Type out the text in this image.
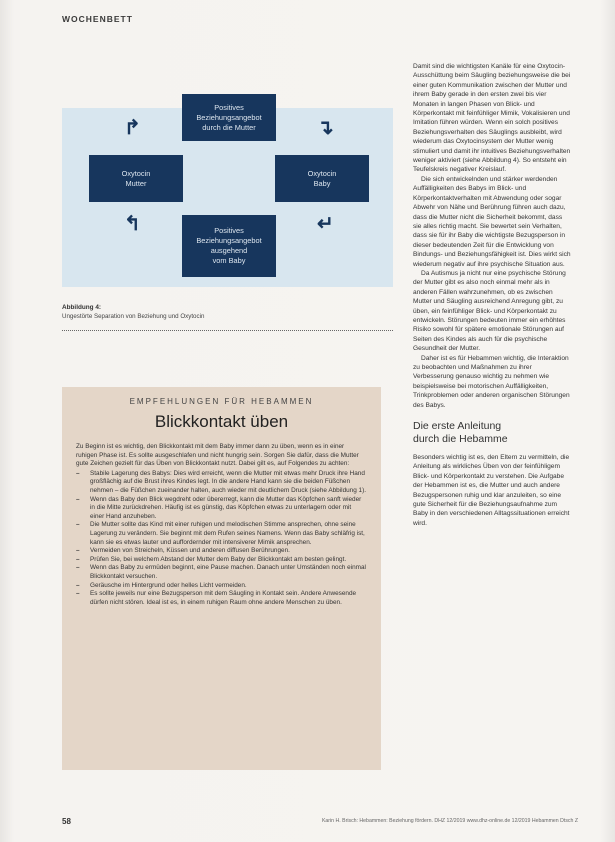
WOCHENBETT
Positives
Beziehungsangebot
durch die Mutter
Oxytocin
Mutter
Oxytocin
Baby
Positives
Beziehungsangebot
ausgehend
vom Baby
↱	↴
↰	↵
Abbildung 4:
Ungestörte Separation von Beziehung und Oxytocin
EMPFEHLUNGEN FÜR HEBAMMEN
Blickkontakt üben

Zu Beginn ist es wichtig, den Blickkontakt mit dem Baby immer dann zu üben, wenn es in einer ruhigen Phase ist. Es sollte ausgeschlafen und nicht hungrig sein. Sorgen Sie dafür, dass die Mutter gute Zeichen gezielt für das Üben von Blickkontakt nutzt. Dabei gilt es, auf Folgendes zu achten:

– Stabile Lagerung des Babys: Dies wird erreicht, wenn die Mutter mit etwas mehr Druck ihre Hand großflächig auf die Brust ihres Kindes legt. In die andere Hand kann sie die beiden Füßchen nehmen – die Füßchen zueinander halten, auch wieder mit deutlichem Druck (siehe Abbildung 1).
– Wenn das Baby den Blick wegdreht oder übererregt, kann die Mutter das Köpfchen sanft wieder in die Mitte zurückdrehen. Häufig ist es günstig, das Köpfchen etwas zu unterlagern oder mit einer Hand anzuheben.
– Die Mutter sollte das Kind mit einer ruhigen und melodischen Stimme ansprechen, ohne seine Lagerung zu verändern. Sie beginnt mit dem Rufen seines Namens. Wenn das Baby schläfrig ist, kann sie es etwas lauter und auffordernder mit intensiverer Mimik ansprechen.
– Vermeiden von Streicheln, Küssen und anderen diffusen Berührungen.
– Prüfen Sie, bei welchem Abstand der Mutter dem Baby der Blickkontakt am besten gelingt.
– Wenn das Baby zu ermüden beginnt, eine Pause machen. Danach unter Umständen noch einmal Blickkontakt versuchen.
– Geräusche im Hintergrund oder helles Licht vermeiden.
– Es sollte jeweils nur eine Bezugsperson mit dem Säugling in Kontakt sein. Andere Anwesende dürfen nicht stören. Ideal ist es, in einem ruhigen Raum ohne andere Menschen zu üben.

Damit sind die wichtigsten Kanäle für eine Oxytocin-Ausschüttung beim Säugling beziehungsweise die bei einer guten Kommunikation zwischen der Mutter und ihrem Baby gerade in den ersten zwei bis vier Monaten in langen Phasen von Blick- und Körperkontakt mit feinfühliger Mimik, Vokalisieren und Imitation führen würden. Wenn ein solch positives Beziehungsverhalten des Säuglings ausbleibt, wird wiederum das Oxytocinsystem der Mutter wenig stimuliert und damit ihr intuitives Beziehungsverhalten weniger aktiviert (siehe Abbildung 4). So entsteht ein Teufelskreis negativer Kreislauf.

Die sich entwickelnden und stärker werdenden Auffälligkeiten des Babys im Blick- und Körperkontaktverhalten mit Abwendung oder sogar Abwehr von Nähe und Berührung führen auch dazu, dass die Mutter nicht die Sicherheit bekommt, dass sie alles richtig macht. Sie bewertet sein Verhalten, dass sie für ihr Baby die wichtigste Bezugsperson in dieser bedeutenden Zeit für die Entwicklung von Bindungs- und Beziehungsfähigkeit ist. Dies wirkt sich wiederum negativ auf ihre psychische Situation aus.

Da Autismus ja nicht nur eine psychische Störung der Mutter gibt es also noch einmal mehr als in anderen Fällen wahrzunehmen, ob es zwischen Mutter und Säugling ausreichend Anregung gibt, zu üben, ein feinfühliger Blick- und Körperkontakt zu entwickeln. Störungen bedeuten immer ein erhöhtes Risiko sowohl für spätere emotionale Störungen auf Seiten des Kindes als auch für die psychische Gesundheit der Mutter.

Daher ist es für Hebammen wichtig, die Interaktion zu beobachten und Maßnahmen zu ihrer Verbesserung genauso wichtig zu nehmen wie beispielsweise bei motorischen Auffälligkeiten, Trinkproblemen oder anderen organischen Störungen des Babys.

Die erste Anleitung
durch die Hebamme

Besonders wichtig ist es, den Eltern zu vermitteln, die Anleitung als wirkliches Üben von der feinfühligem Blick- und Körperkontakt zu verstehen. Die Aufgabe der Hebammen ist es, die Mutter und auch andere Bezugspersonen ruhig und klar anzuleiten, so eine gute Sicherheit für die Beziehungsaufnahme zum Baby in den verschiedenen Alltagssituationen erreicht wird.

58	Karin H. Brisch: Hebammen: Beziehung fördern. DHZ 12/2019 www.dhz-online.de 12/2019 Hebammen Dtsch Z
